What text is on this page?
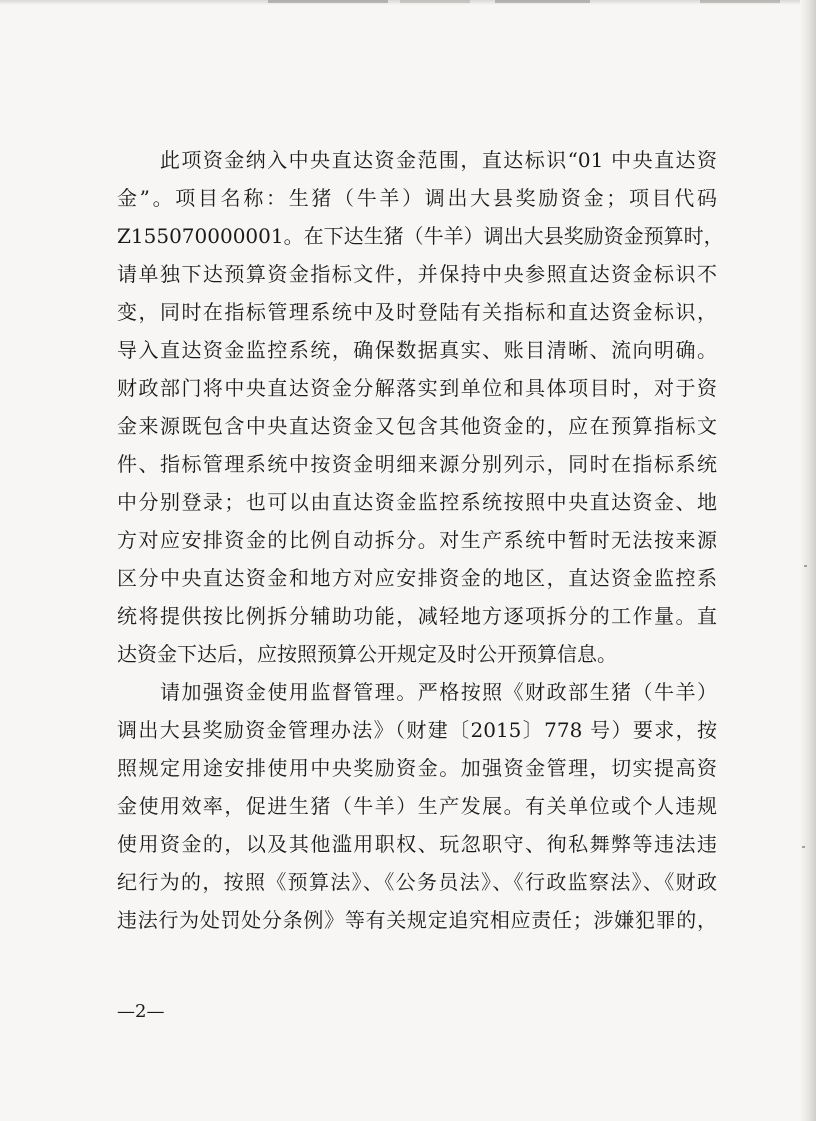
　　此项资金纳入中央直达资金范围，直达标识“01 中央直达资
金”。项目名称：生猪（牛羊）调出大县奖励资金；项目代码
Z155070000001。在下达生猪（牛羊）调出大县奖励资金预算时，
请单独下达预算资金指标文件，并保持中央参照直达资金标识不
变，同时在指标管理系统中及时登陆有关指标和直达资金标识，
导入直达资金监控系统，确保数据真实、账目清晰、流向明确。
财政部门将中央直达资金分解落实到单位和具体项目时，对于资
金来源既包含中央直达资金又包含其他资金的，应在预算指标文
件、指标管理系统中按资金明细来源分别列示，同时在指标系统
中分别登录；也可以由直达资金监控系统按照中央直达资金、地
方对应安排资金的比例自动拆分。对生产系统中暂时无法按来源
区分中央直达资金和地方对应安排资金的地区，直达资金监控系
统将提供按比例拆分辅助功能，减轻地方逐项拆分的工作量。直
达资金下达后，应按照预算公开规定及时公开预算信息。
　　请加强资金使用监督管理。严格按照《财政部生猪（牛羊）
调出大县奖励资金管理办法》（财建〔2015〕778 号）要求，按
照规定用途安排使用中央奖励资金。加强资金管理，切实提高资
金使用效率，促进生猪（牛羊）生产发展。有关单位或个人违规
使用资金的，以及其他滥用职权、玩忽职守、徇私舞弊等违法违
纪行为的，按照《预算法》、《公务员法》、《行政监察法》、《财政
违法行为处罚处分条例》等有关规定追究相应责任；涉嫌犯罪的，
—2—
